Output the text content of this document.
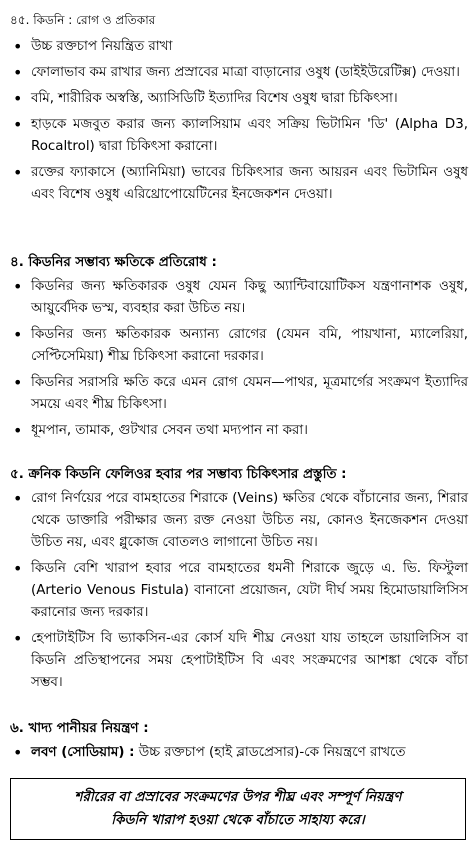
৪৫. কিডনি : রোগ ও প্রতিকার
• উচ্চ রক্তচাপ নিয়ন্ত্রিত রাখা
• ফোলাভাব কম রাখার জন্য প্রস্রাবের মাত্রা বাড়ানোর ওষুধ (ডাইইউরেটিক্স) দেওয়া।
• বমি, শারীরিক অস্বস্তি, অ্যাসিডিটি ইত্যাদির বিশেষ ওষুধ দ্বারা চিকিৎসা।
• হাড়কে মজবুত করার জন্য ক্যালসিয়াম এবং সক্রিয় ভিটামিন 'ডি' (Alpha D3, Rocaltrol) দ্বারা চিকিৎসা করানো।
• রক্তের ফ্যাকাসে (অ্যানিমিয়া) ভাবের চিকিৎসার জন্য আয়রন এবং ভিটামিন ওষুধ এবং বিশেষ ওষুধ এরিথ্রোপোয়েটিনের ইনজেকশন দেওয়া।
৪. কিডনির সম্ভাব্য ক্ষতিকে প্রতিরোধ :
• কিডনির জন্য ক্ষতিকারক ওষুধ যেমন কিছু অ্যান্টিবায়োটিকস যন্ত্রণানাশক ওষুধ, আয়ুর্বেদিক ভস্ম, ব্যবহার করা উচিত নয়।
• কিডনির জন্য ক্ষতিকারক অন্যান্য রোগের (যেমন বমি, পায়খানা, ম্যালেরিয়া, সেপ্টিসেমিয়া) শীঘ্র চিকিৎসা করানো দরকার।
• কিডনির সরাসরি ক্ষতি করে এমন রোগ যেমন—পাথর, মূত্রমার্গের সংক্রমণ ইত্যাদির সময়ে এবং শীঘ্র চিকিৎসা।
• ধূমপান, তামাক, গুটখার সেবন তথা মদ্যপান না করা।
৫. ক্রনিক কিডনি ফেলিওর হবার পর সম্ভাব্য চিকিৎসার প্রস্তুতি :
• রোগ নির্ণয়ের পরে বামহাতের শিরাকে (Veins) ক্ষতির থেকে বাঁচানোর জন্য, শিরার থেকে ডাক্তারি পরীক্ষার জন্য রক্ত নেওয়া উচিত নয়, কোনও ইনজেকশন দেওয়া উচিত নয়, এবং গ্লুকোজ বোতলও লাগানো উচিত নয়।
• কিডনি বেশি খারাপ হবার পরে বামহাতের ধমনী শিরাকে জুড়ে এ. ভি. ফিস্টুলা (Arterio Venous Fistula) বানানো প্রয়োজন, যেটা দীর্ঘ সময় হিমোডায়ালিসিস করানোর জন্য দরকার।
• হেপাটাইটিস বি ভ্যাকসিন-এর কোর্স যদি শীঘ্র নেওয়া যায় তাহলে ডায়ালিসিস বা কিডনি প্রতিস্থাপনের সময় হেপাটাইটিস বি এবং সংক্রমণের আশঙ্কা থেকে বাঁচা সম্ভব।
৬. খাদ্য পানীয়র নিয়ন্ত্রণ :
• লবণ (সোডিয়াম) : উচ্চ রক্তচাপ (হাই ব্লাডপ্রেসার)-কে নিয়ন্ত্রণে রাখতে
শরীরের বা প্রস্রাবের সংক্রমণের উপর শীঘ্র এবং সম্পূর্ণ নিয়ন্ত্রণ
কিডনি খারাপ হওয়া থেকে বাঁচাতে সাহায্য করে।
